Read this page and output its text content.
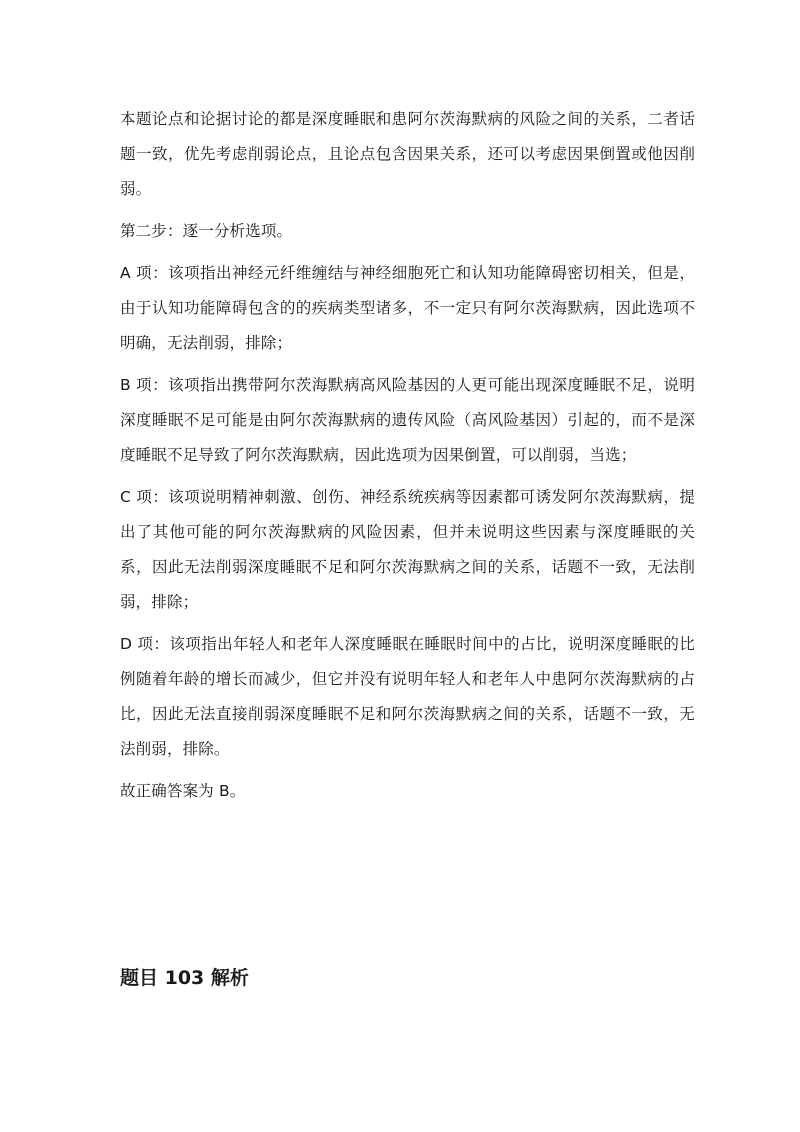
本题论点和论据讨论的都是深度睡眠和患阿尔茨海默病的风险之间的关系，二者话题一致，优先考虑削弱论点，且论点包含因果关系，还可以考虑因果倒置或他因削弱。

第二步：逐一分析选项。

A 项：该项指出神经元纤维缠结与神经细胞死亡和认知功能障碍密切相关，但是，由于认知功能障碍包含的的疾病类型诸多，不一定只有阿尔茨海默病，因此选项不明确，无法削弱，排除；

B 项：该项指出携带阿尔茨海默病高风险基因的人更可能出现深度睡眠不足，说明深度睡眠不足可能是由阿尔茨海默病的遗传风险（高风险基因）引起的，而不是深度睡眠不足导致了阿尔茨海默病，因此选项为因果倒置，可以削弱，当选；

C 项：该项说明精神刺激、创伤、神经系统疾病等因素都可诱发阿尔茨海默病，提出了其他可能的阿尔茨海默病的风险因素，但并未说明这些因素与深度睡眠的关系，因此无法削弱深度睡眠不足和阿尔茨海默病之间的关系，话题不一致，无法削弱，排除；

D 项：该项指出年轻人和老年人深度睡眠在睡眠时间中的占比，说明深度睡眠的比例随着年龄的增长而减少，但它并没有说明年轻人和老年人中患阿尔茨海默病的占比，因此无法直接削弱深度睡眠不足和阿尔茨海默病之间的关系，话题不一致，无法削弱，排除。

故正确答案为 B。

题目 103 解析
